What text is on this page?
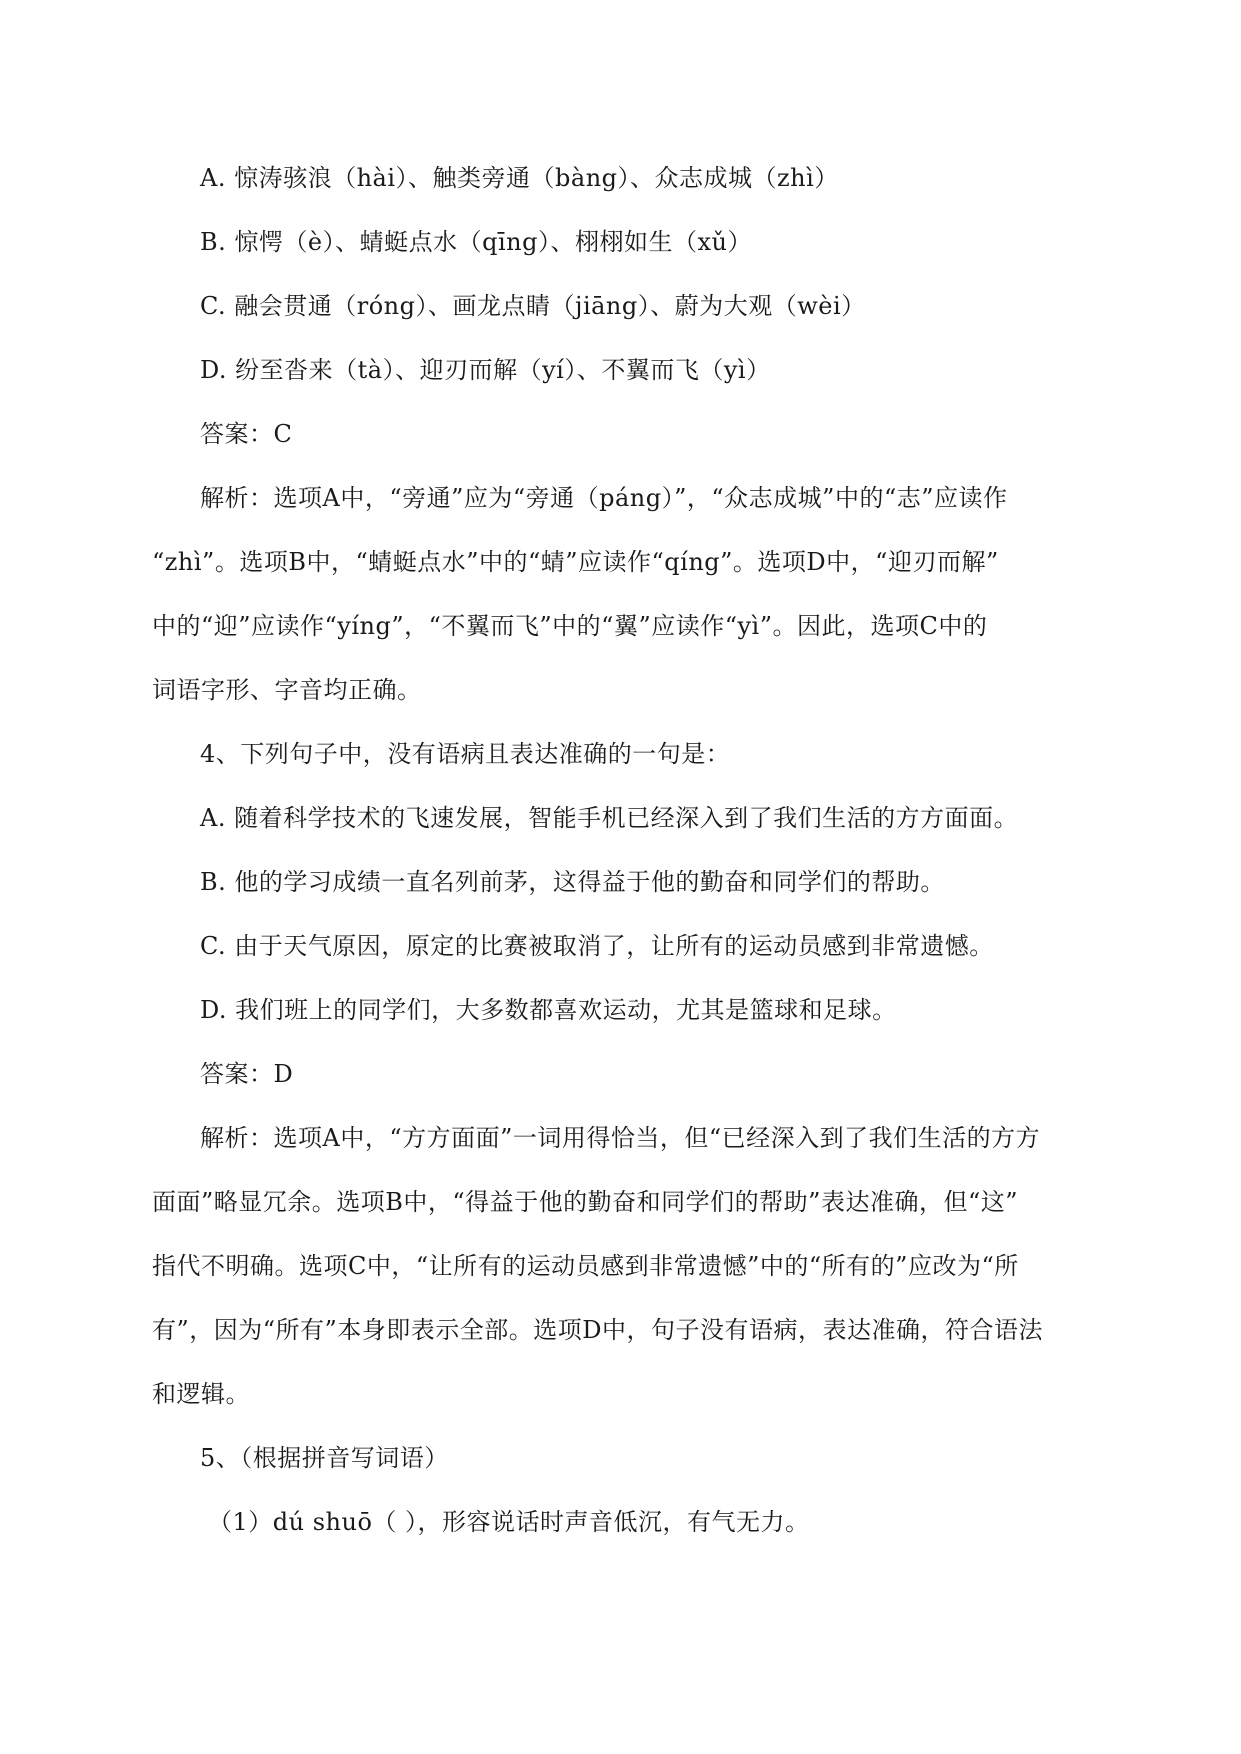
A. 惊涛骇浪（hài）、触类旁通（bàng）、众志成城（zhì）

B. 惊愕（è）、蜻蜓点水（qīng）、栩栩如生（xǔ）

C. 融会贯通（róng）、画龙点睛（jiāng）、蔚为大观（wèi）

D. 纷至沓来（tà）、迎刃而解（yí）、不翼而飞（yì）

答案：C

解析：选项A中，“旁通”应为“旁通（páng）”，“众志成城”中的“志”应读作

“zhì”。选项B中，“蜻蜓点水”中的“蜻”应读作“qíng”。选项D中，“迎刃而解”

中的“迎”应读作“yíng”，“不翼而飞”中的“翼”应读作“yì”。因此，选项C中的

词语字形、字音均正确。

4、下列句子中，没有语病且表达准确的一句是：

A. 随着科学技术的飞速发展，智能手机已经深入到了我们生活的方方面面。

B. 他的学习成绩一直名列前茅，这得益于他的勤奋和同学们的帮助。

C. 由于天气原因，原定的比赛被取消了，让所有的运动员感到非常遗憾。

D. 我们班上的同学们，大多数都喜欢运动，尤其是篮球和足球。

答案：D

解析：选项A中，“方方面面”一词用得恰当，但“已经深入到了我们生活的方方

面面”略显冗余。选项B中，“得益于他的勤奋和同学们的帮助”表达准确，但“这”

指代不明确。选项C中，“让所有的运动员感到非常遗憾”中的“所有的”应改为“所

有”，因为“所有”本身即表示全部。选项D中，句子没有语病，表达准确，符合语法

和逻辑。

5、（根据拼音写词语）

（1）dú shuō（ ），形容说话时声音低沉，有气无力。
